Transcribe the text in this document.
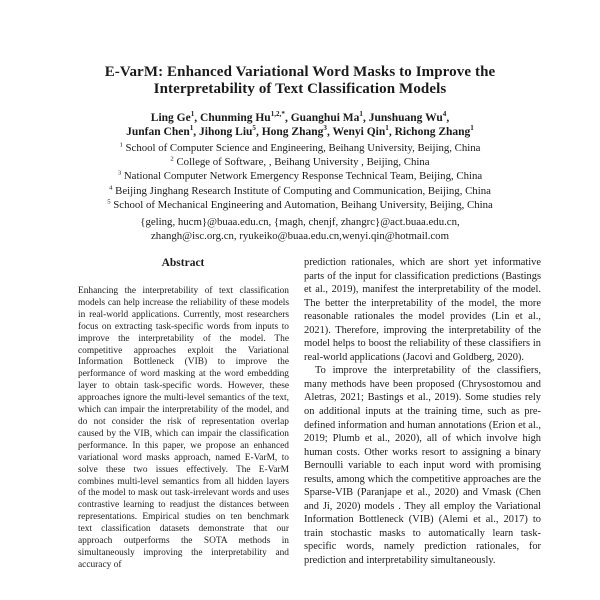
E-VarM: Enhanced Variational Word Masks to Improve the Interpretability of Text Classification Models
Ling Ge$^1$, Chunming $Hu^{1,2,*}$, Guanghui Ma$^1$, Junshuang Wu$^4$,
Junfan Chen$^1$, Jihong Liu$^5$, Hong Zhang$^3$, Wenyi Qin$^1$, Richong Zhang$^1$
$^1$ School of Computer Science and Engineering, Beihang University, Beijing, China
$^2$ College of Software, , Beihang University , Beijing, China
$^3$ National Computer Network Emergency Response Technical Team, Beijing, China
$^4$ Beijing Jinghang Research Institute of Computing and Communication, Beijing, China
$^5$ School of Mechanical Engineering and Automation, Beihang University, Beijing, China
{geling, hucm}@buaa.edu.cn, {magh, chenjf, zhangrc}@act.buaa.edu.cn,
zhangh@isc.org.cn, ryukeiko@buaa.edu.cn,wenyi.qin@hotmail.com
Abstract
Enhancing the interpretability of text classification models can help increase the reliability of these models in real-world applications. Currently, most researchers focus on extracting task-specific words from inputs to improve the interpretability of the model. The competitive approaches exploit the Variational Information Bottleneck (VIB) to improve the performance of word masking at the word embedding layer to obtain task-specific words. However, these approaches ignore the multi-level semantics of the text, which can impair the interpretability of the model, and do not consider the risk of representation overlap caused by the VIB, which can impair the classification performance. In this paper, we propose an enhanced variational word masks approach, named E-VarM, to solve these two issues effectively. The E-VarM combines multi-level semantics from all hidden layers of the model to mask out task-irrelevant words and uses contrastive learning to readjust the distances between representations. Empirical studies on ten benchmark text classification datasets demonstrate that our approach outperforms the SOTA methods in simultaneously improving the interpretability and accuracy of

prediction rationales, which are short yet informative parts of the input for classification predictions (Bastings et al., 2019), manifest the interpretability of the model. The better the interpretability of the model, the more reasonable rationales the model provides (Lin et al., 2021). Therefore, improving the interpretability of the model helps to boost the reliability of these classifiers in real-world applications (Jacovi and Goldberg, 2020).

To improve the interpretability of the classifiers, many methods have been proposed (Chrysostomou and Aletras, 2021; Bastings et al., 2019). Some studies rely on additional inputs at the training time, such as pre-defined information and human annotations (Erion et al., 2019; Plumb et al., 2020), all of which involve high human costs. Other works resort to assigning a binary Bernoulli variable to each input word with promising results, among which the competitive approaches are the Sparse-VIB (Paranjape et al., 2020) and Vmask (Chen and Ji, 2020) models . They all employ the Variational Information Bottleneck (VIB) (Alemi et al., 2017) to train stochastic masks to automatically learn task-specific words, namely prediction rationales, for prediction and interpretability simultaneously.
